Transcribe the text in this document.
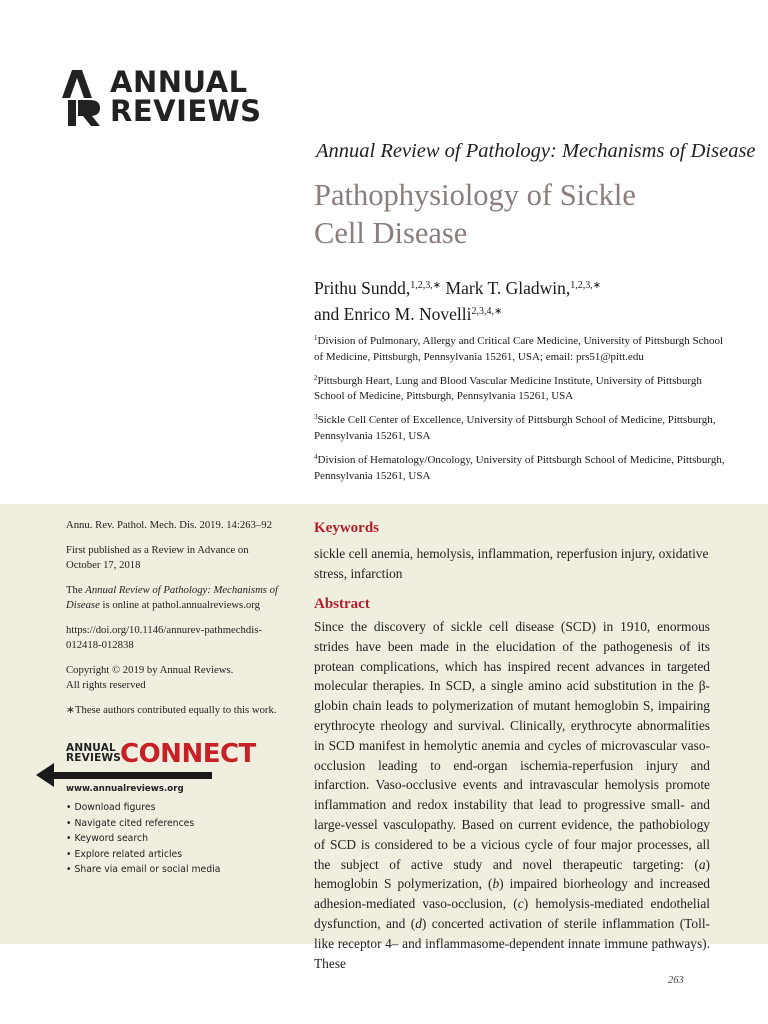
ANNUAL
REVIEWS
Annual Review of Pathology: Mechanisms of Disease
Pathophysiology of Sickle
Cell Disease
Prithu Sundd,$^{1,2,3,∗}$ Mark T. Gladwin,$^{1,2,3,∗}$
and Enrico M. Novelli$^{2,3,4,∗}$
$^1$Division of Pulmonary, Allergy and Critical Care Medicine, University of Pittsburgh School of Medicine, Pittsburgh, Pennsylvania 15261, USA; email: prs51@pitt.edu
$^2$Pittsburgh Heart, Lung and Blood Vascular Medicine Institute, University of Pittsburgh School of Medicine, Pittsburgh, Pennsylvania 15261, USA
$^3$Sickle Cell Center of Excellence, University of Pittsburgh School of Medicine, Pittsburgh, Pennsylvania 15261, USA
$^4$Division of Hematology/Oncology, University of Pittsburgh School of Medicine, Pittsburgh, Pennsylvania 15261, USA

Annu. Rev. Pathol. Mech. Dis. 2019. 14:263–92

First published as a Review in Advance on October 17, 2018

The Annual Review of Pathology: Mechanisms of Disease is online at pathol.annualreviews.org

https://doi.org/10.1146/annurev-pathmechdis-012418-012838

Copyright © 2019 by Annual Reviews.
All rights reserved

∗These authors contributed equally to this work.

ANNUAL
REVIEWS
CONNECT
www.annualreviews.org
• Download figures
• Navigate cited references
• Keyword search
• Explore related articles
• Share via email or social media
Keywords
sickle cell anemia, hemolysis, inflammation, reperfusion injury, oxidative stress, infarction
Abstract
Since the discovery of sickle cell disease (SCD) in 1910, enormous strides have been made in the elucidation of the pathogenesis of its protean complications, which has inspired recent advances in targeted molecular therapies. In SCD, a single amino acid substitution in the β-globin chain leads to polymerization of mutant hemoglobin S, impairing erythrocyte rheology and survival. Clinically, erythrocyte abnormalities in SCD manifest in hemolytic anemia and cycles of microvascular vaso-occlusion leading to end-organ ischemia-reperfusion injury and infarction. Vaso-occlusive events and intravascular hemolysis promote inflammation and redox instability that lead to progressive small- and large-vessel vasculopathy. Based on current evidence, the pathobiology of SCD is considered to be a vicious cycle of four major processes, all the subject of active study and novel therapeutic targeting: (a) hemoglobin S polymerization, (b) impaired biorheology and increased adhesion-mediated vaso-occlusion, (c) hemolysis-mediated endothelial dysfunction, and (d) concerted activation of sterile inflammation (Toll-like receptor 4– and inflammasome-dependent innate immune pathways). These
263
